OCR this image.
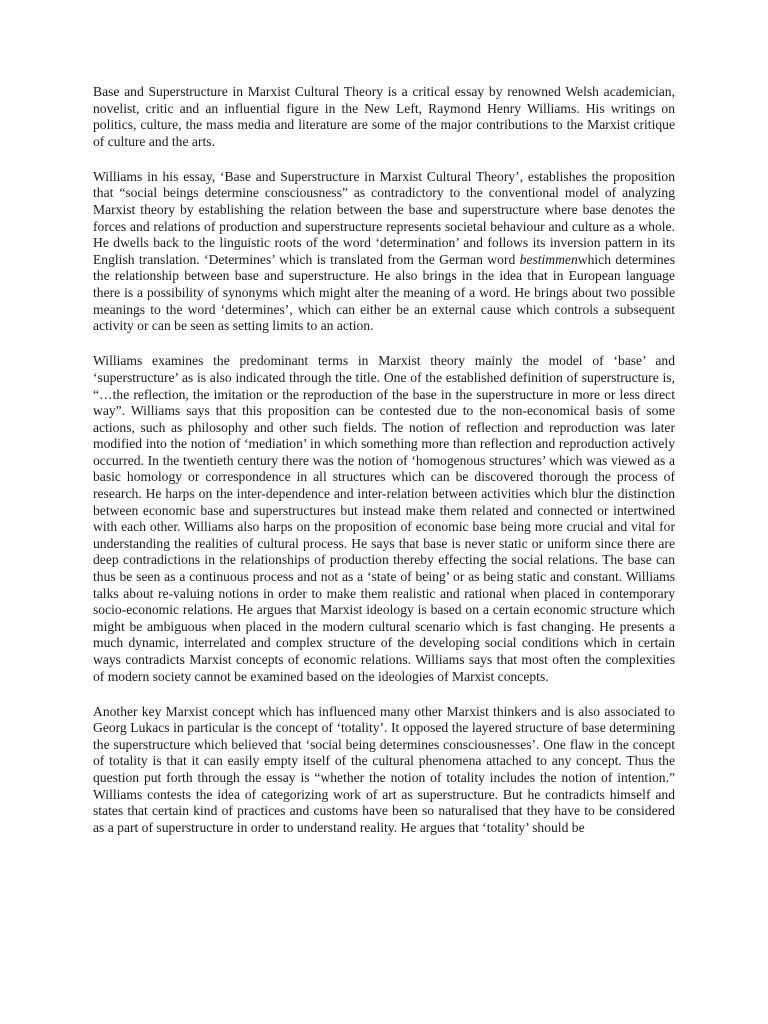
Base and Superstructure in Marxist Cultural Theory is a critical essay by renowned Welsh academician, novelist, critic and an influential figure in the New Left, Raymond Henry Williams. His writings on politics, culture, the mass media and literature are some of the major contributions to the Marxist critique of culture and the arts.

Williams in his essay, ‘Base and Superstructure in Marxist Cultural Theory’, establishes the proposition that “social beings determine consciousness” as contradictory to the conventional model of analyzing Marxist theory by establishing the relation between the base and superstructure where base denotes the forces and relations of production and superstructure represents societal behaviour and culture as a whole. He dwells back to the linguistic roots of the word ‘determination’ and follows its inversion pattern in its English translation. ‘Determines’ which is translated from the German word bestimmenwhich determines the relationship between base and superstructure. He also brings in the idea that in European language there is a possibility of synonyms which might alter the meaning of a word. He brings about two possible meanings to the word ‘determines’, which can either be an external cause which controls a subsequent activity or can be seen as setting limits to an action.

Williams examines the predominant terms in Marxist theory mainly the model of ‘base’ and ‘superstructure’ as is also indicated through the title. One of the established definition of superstructure is, “…the reflection, the imitation or the reproduction of the base in the superstructure in more or less direct way”. Williams says that this proposition can be contested due to the non-economical basis of some actions, such as philosophy and other such fields. The notion of reflection and reproduction was later modified into the notion of ‘mediation’ in which something more than reflection and reproduction actively occurred. In the twentieth century there was the notion of ‘homogenous structures’ which was viewed as a basic homology or correspondence in all structures which can be discovered thorough the process of research. He harps on the inter-dependence and inter-relation between activities which blur the distinction between economic base and superstructures but instead make them related and connected or intertwined with each other. Williams also harps on the proposition of economic base being more crucial and vital for understanding the realities of cultural process. He says that base is never static or uniform since there are deep contradictions in the relationships of production thereby effecting the social relations. The base can thus be seen as a continuous process and not as a ‘state of being’ or as being static and constant. Williams talks about re-valuing notions in order to make them realistic and rational when placed in contemporary socio-economic relations. He argues that Marxist ideology is based on a certain economic structure which might be ambiguous when placed in the modern cultural scenario which is fast changing. He presents a much dynamic, interrelated and complex structure of the developing social conditions which in certain ways contradicts Marxist concepts of economic relations. Williams says that most often the complexities of modern society cannot be examined based on the ideologies of Marxist concepts.

Another key Marxist concept which has influenced many other Marxist thinkers and is also associated to Georg Lukacs in particular is the concept of ‘totality’. It opposed the layered structure of base determining the superstructure which believed that ‘social being determines consciousnesses’. One flaw in the concept of totality is that it can easily empty itself of the cultural phenomena attached to any concept. Thus the question put forth through the essay is “whether the notion of totality includes the notion of intention.” Williams contests the idea of categorizing work of art as superstructure. But he contradicts himself and states that certain kind of practices and customs have been so naturalised that they have to be considered as a part of superstructure in order to understand reality. He argues that ‘totality’ should be
